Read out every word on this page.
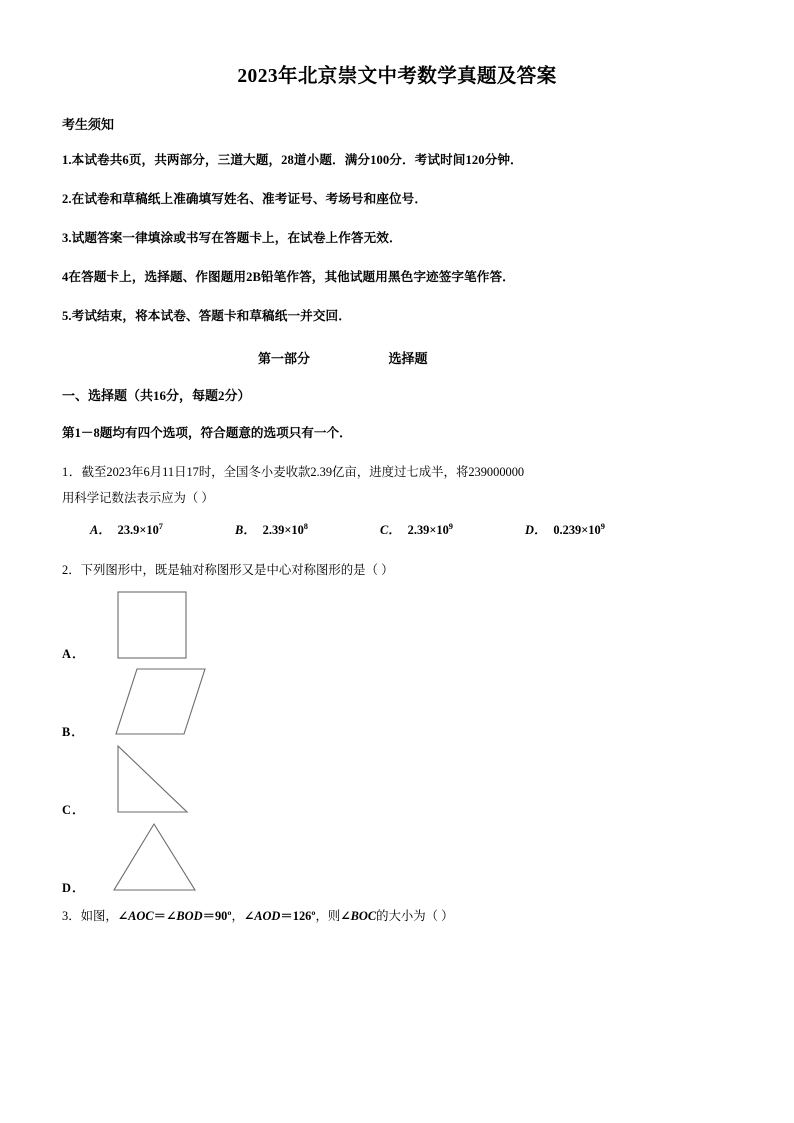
2023年北京崇文中考数学真题及答案
考生须知
1.本试卷共6页，共两部分，三道大题，28道小题．满分100分．考试时间120分钟．
2.在试卷和草稿纸上准确填写姓名、准考证号、考场号和座位号．
3.试题答案一律填涂或书写在答题卡上，在试卷上作答无效．
4在答题卡上，选择题、作图题用2B铅笔作答，其他试题用黑色字迹签字笔作答．
5.考试结束，将本试卷、答题卡和草稿纸一并交回．
第一部分	选择题
一、选择题（共16分，每题2分）
第1－8题均有四个选项，符合题意的选项只有一个．
1．截至2023年6月11日17时，全国冬小麦收款2.39亿亩，进度过七成半，将239000000
用科学记数法表示应为（ ）
A． $23.9\times 10^7$	B． $2.39\times 10^8$	C． $2.39\times 10^9$	D． $0.239\times 10^9$
2．下列图形中，既是轴对称图形又是中心对称图形的是（ ）
A．
B．
C．
D．
3．如图，∠AOC＝∠BOD＝90º，∠AOD＝126º，则∠BOC的大小为（ ）
